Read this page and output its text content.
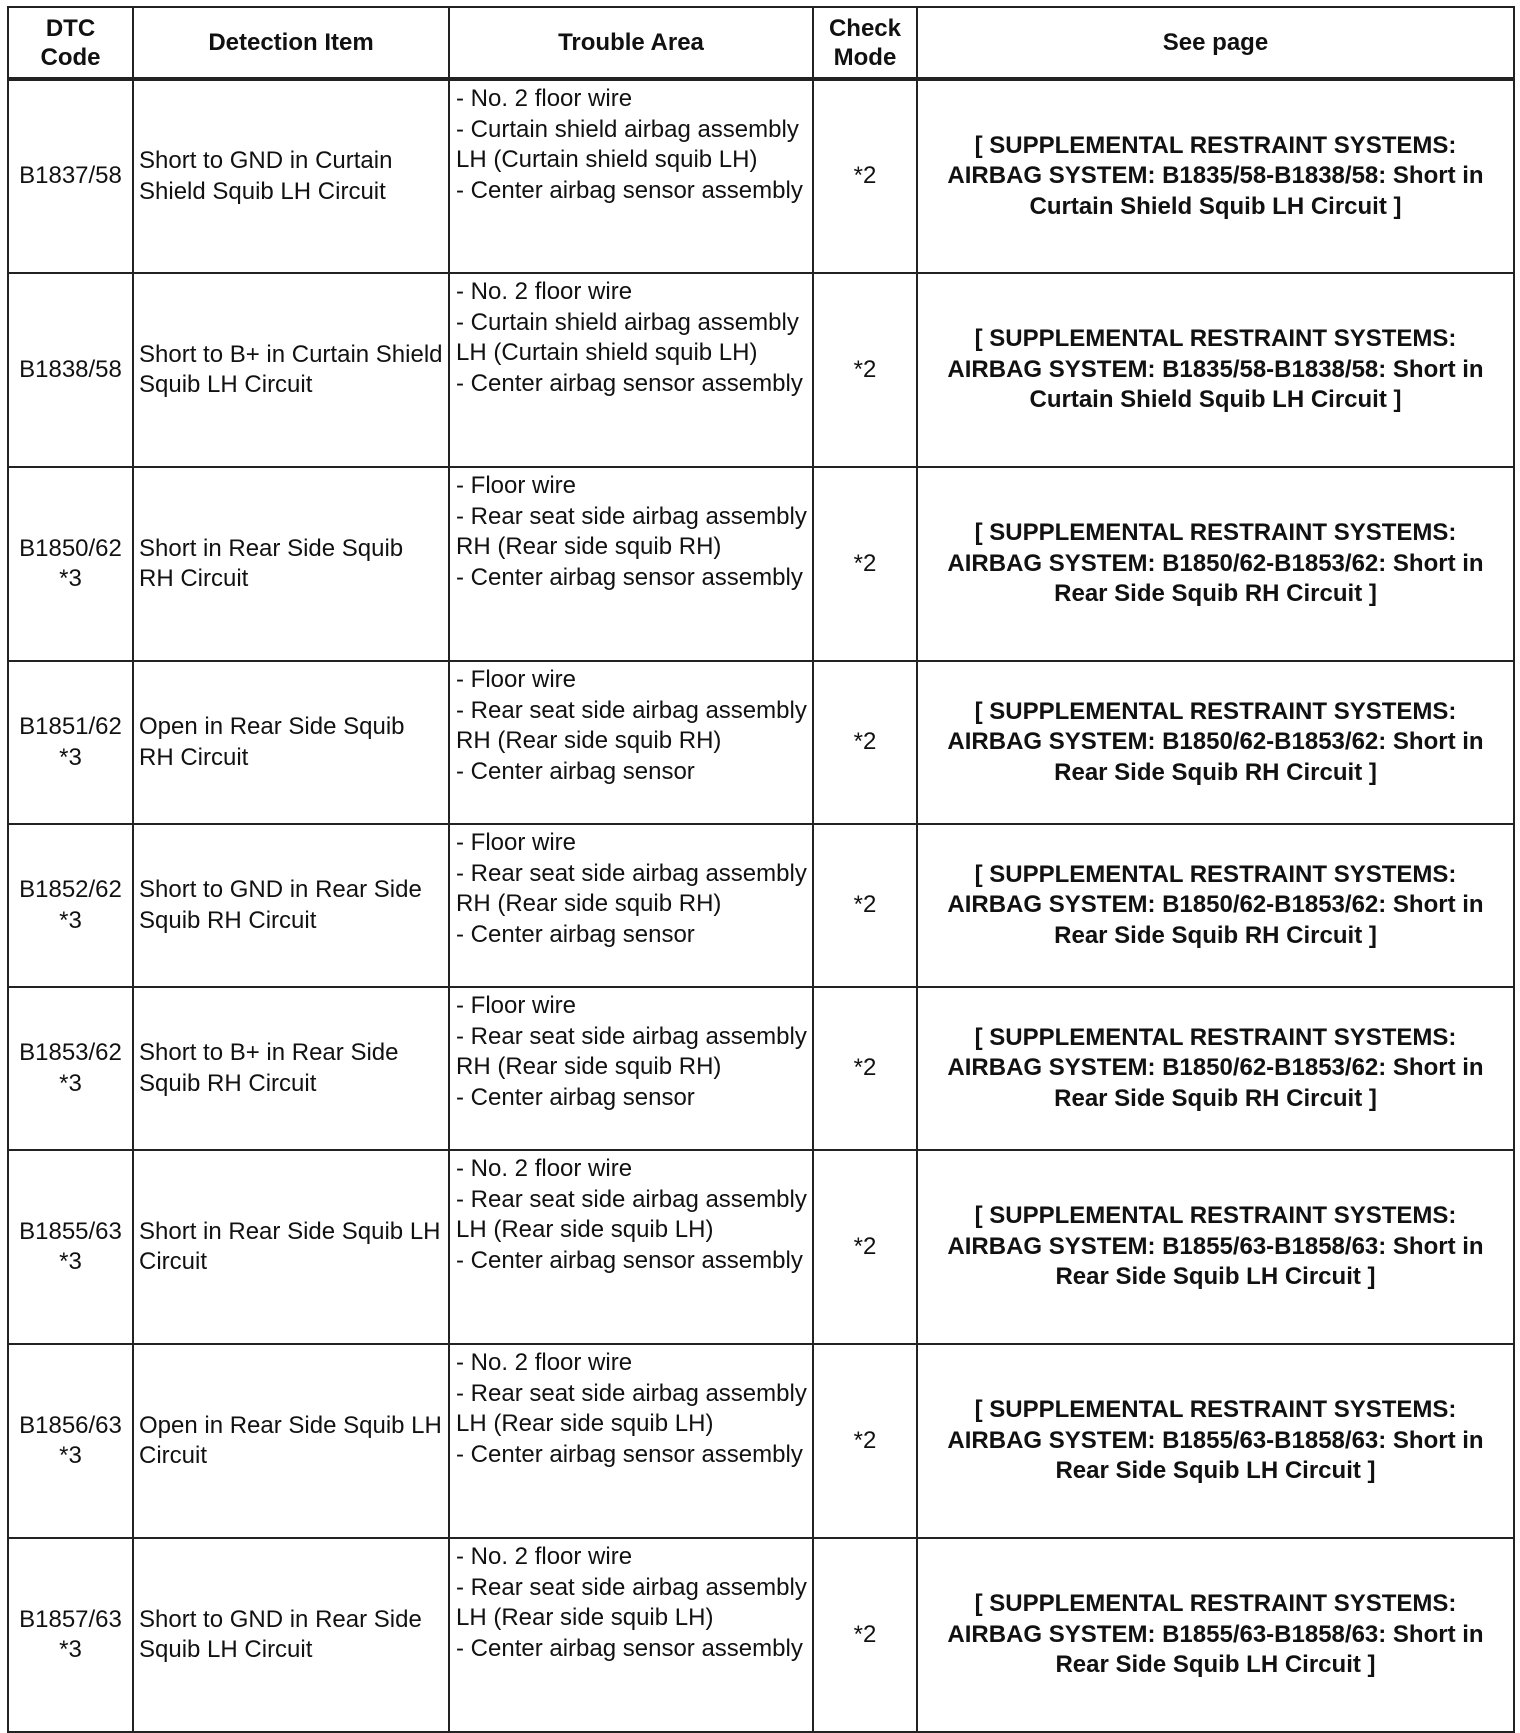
DTC
Code	Detection Item	Trouble Area	Check
Mode	See page

B1837/58	Short to GND in Curtain Shield Squib LH Circuit	- No. 2 floor wire
- Curtain shield airbag assembly LH (Curtain shield squib LH)
- Center airbag sensor assembly	*2	[ SUPPLEMENTAL RESTRAINT SYSTEMS: AIRBAG SYSTEM: B1835/58-B1838/58: Short in Curtain Shield Squib LH Circuit ]

B1838/58	Short to B+ in Curtain Shield Squib LH Circuit	- No. 2 floor wire
- Curtain shield airbag assembly LH (Curtain shield squib LH)
- Center airbag sensor assembly	*2	[ SUPPLEMENTAL RESTRAINT SYSTEMS: AIRBAG SYSTEM: B1835/58-B1838/58: Short in Curtain Shield Squib LH Circuit ]

B1850/62
*3	Short in Rear Side Squib RH Circuit	- Floor wire
- Rear seat side airbag assembly RH (Rear side squib RH)
- Center airbag sensor assembly	*2	[ SUPPLEMENTAL RESTRAINT SYSTEMS: AIRBAG SYSTEM: B1850/62-B1853/62: Short in Rear Side Squib RH Circuit ]

B1851/62
*3	Open in Rear Side Squib RH Circuit	- Floor wire
- Rear seat side airbag assembly RH (Rear side squib RH)
- Center airbag sensor	*2	[ SUPPLEMENTAL RESTRAINT SYSTEMS: AIRBAG SYSTEM: B1850/62-B1853/62: Short in Rear Side Squib RH Circuit ]

B1852/62
*3	Short to GND in Rear Side Squib RH Circuit	- Floor wire
- Rear seat side airbag assembly RH (Rear side squib RH)
- Center airbag sensor	*2	[ SUPPLEMENTAL RESTRAINT SYSTEMS: AIRBAG SYSTEM: B1850/62-B1853/62: Short in Rear Side Squib RH Circuit ]

B1853/62
*3	Short to B+ in Rear Side Squib RH Circuit	- Floor wire
- Rear seat side airbag assembly RH (Rear side squib RH)
- Center airbag sensor	*2	[ SUPPLEMENTAL RESTRAINT SYSTEMS: AIRBAG SYSTEM: B1850/62-B1853/62: Short in Rear Side Squib RH Circuit ]

B1855/63
*3	Short in Rear Side Squib LH Circuit	- No. 2 floor wire
- Rear seat side airbag assembly LH (Rear side squib LH)
- Center airbag sensor assembly	*2	[ SUPPLEMENTAL RESTRAINT SYSTEMS: AIRBAG SYSTEM: B1855/63-B1858/63: Short in Rear Side Squib LH Circuit ]

B1856/63
*3	Open in Rear Side Squib LH Circuit	- No. 2 floor wire
- Rear seat side airbag assembly LH (Rear side squib LH)
- Center airbag sensor assembly	*2	[ SUPPLEMENTAL RESTRAINT SYSTEMS: AIRBAG SYSTEM: B1855/63-B1858/63: Short in Rear Side Squib LH Circuit ]

B1857/63
*3	Short to GND in Rear Side Squib LH Circuit	- No. 2 floor wire
- Rear seat side airbag assembly LH (Rear side squib LH)
- Center airbag sensor assembly	*2	[ SUPPLEMENTAL RESTRAINT SYSTEMS: AIRBAG SYSTEM: B1855/63-B1858/63: Short in Rear Side Squib LH Circuit ]
